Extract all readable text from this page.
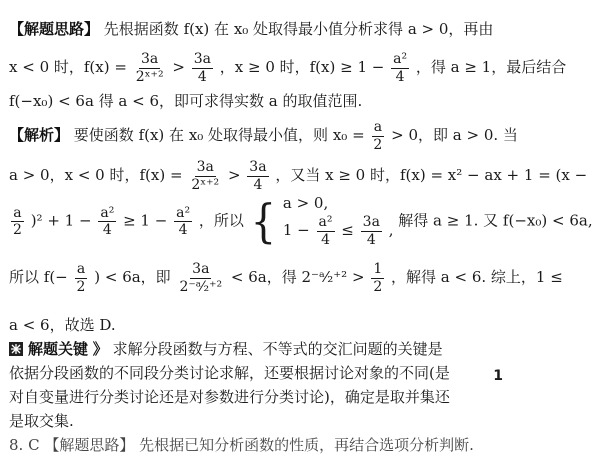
【解题思路】 先根据函数 f(x) 在 x₀ 处取得最小值分析求得 a > 0，再由
x < 0 时，$f(x) = \frac{3a}{\text{2ˣ⁺²}} > \frac{3a}{4}$ ，x ≥ 0 时，$f(x) \ge 1 - \frac{\text{a²}}{4}$ ，得 a ≥ 1，最后结合
f(−x₀) < 6a 得 a < 6，即可求得实数 a 的取值范围.
【解析】 要使函数 f(x) 在 x₀ 处取得最小值，则 $x_0 = \frac{a}{2} > 0$，即 a > 0. 当
a > 0，x < 0 时，$f(x) = \frac{3a}{\text{2ˣ⁺²}} > \frac{3a}{4}$ ，又当 x ≥ 0 时，f(x) = x² − ax + 1 = (x −
$\frac{a}{2} )^2 + 1 - \frac{\text{a²}}{4} \ge 1 - \frac{\text{a²}}{4}$ ，所以 { a > 0,
$1 - \frac{\text{a²}}{4} \le \frac{3a}{4}$ ,
解得 a ≥ 1. 又 f(−x₀) < 6a,
所以 $f(- \frac{a}{2}$ ) < 6a，即 $\frac{3a}{\text{2⁻ᵃ⁄₂⁺²}} < 6a$，得 2⁻ᵃ⁄₂⁺² > $\frac{1}{2}$ ，解得 a < 6. 综上，1 ≤
a < 6，故选 D.
解题关键 》 求解分段函数与方程、不等式的交汇问题的关键是
依据分段函数的不同段分类讨论求解，还要根据讨论对象的不同(是
对自变量进行分类讨论还是对参数进行分类讨论)，确定是取并集还
是取交集.
1
8. C 【解题思路】 先根据已知分析函数的性质，再结合选项分析判断.
